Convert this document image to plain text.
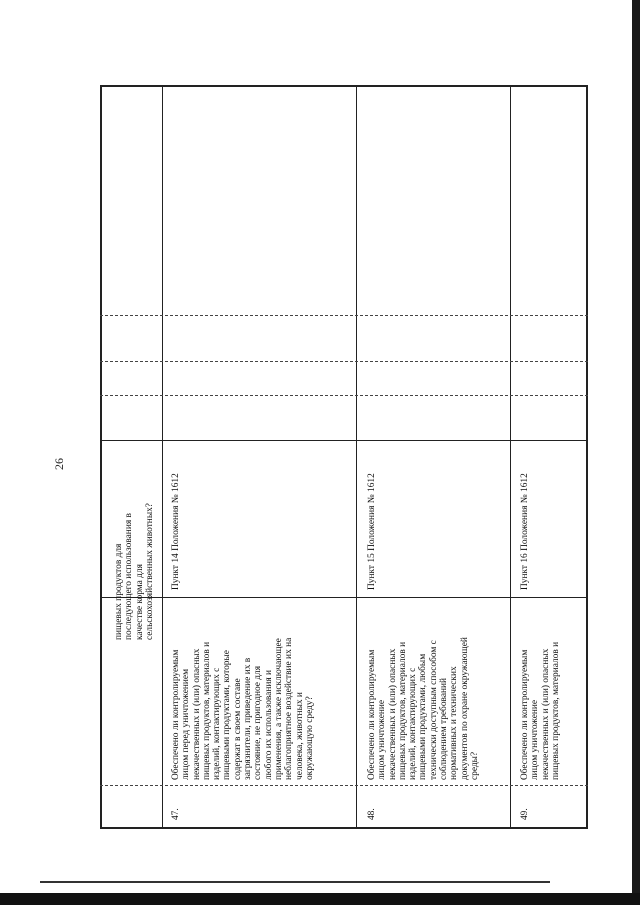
26
пищевых продуктов для
последующего использования в
качестве корма для
сельскохозяйственных животных?
47.
Обеспечено ли контролируемым
лицом перед уничтожением
некачественных и (или) опасных
пищевых продуктов, материалов и
изделий, контактирующих с
пищевыми продуктами, которые
содержат в своем составе
загрязнители, приведение их в
состояние, не пригодное для
любого их использования и
применения, а также исключающее
неблагоприятное воздействие их на
человека, животных и
окружающую среду?
Пункт 14 Положения № 1612
48.
Обеспечено ли контролируемым
лицом уничтожение
некачественных и (или) опасных
пищевых продуктов, материалов и
изделий, контактирующих с
пищевыми продуктами, любым
технически доступным способом с
соблюдением требований
нормативных и технических
документов по охране окружающей
среды?
Пункт 15 Положения № 1612
49.
Обеспечено ли контролируемым
лицом уничтожение
некачественных и (или) опасных
пищевых продуктов, материалов и
Пункт 16 Положения № 1612
